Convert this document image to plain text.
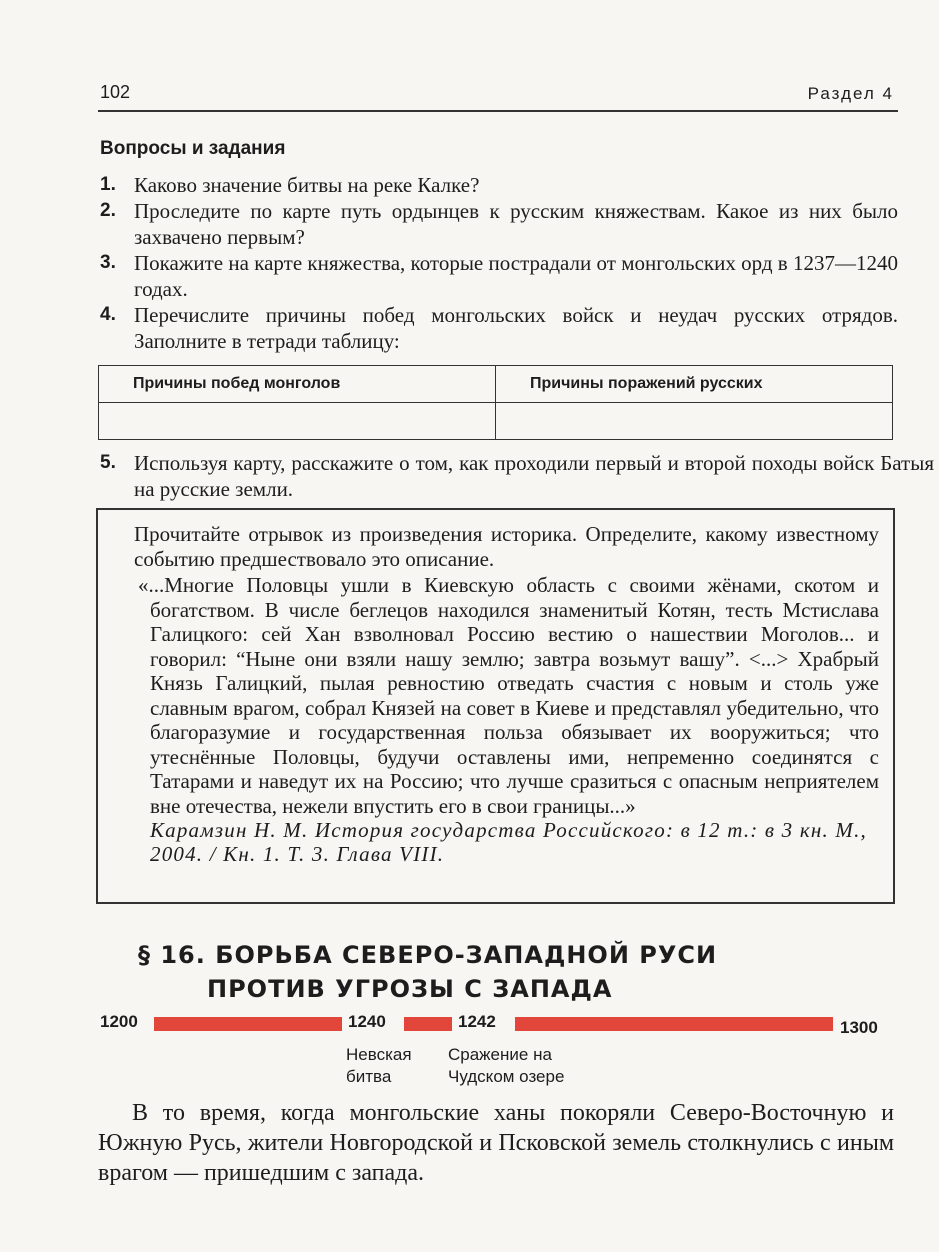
102	Раздел 4
Вопросы и задания
1. Каково значение битвы на реке Калке?
2. Проследите по карте путь ордынцев к русским княжествам. Какое из них было захвачено первым?
3. Покажите на карте княжества, которые пострадали от монгольских орд в 1237—1240 годах.
4. Перечислите причины побед монгольских войск и неудач русских отрядов. Заполните в тетради таблицу:
Причины побед монголов	Причины поражений русских

5. Используя карту, расскажите о том, как проходили первый и второй походы войск Батыя на русские земли.
Прочитайте отрывок из произведения историка. Определите, какому известному событию предшествовало это описание.
«...Многие Половцы ушли в Киевскую область с своими жёнами, скотом и богатством. В числе беглецов находился знаменитый Котян, тесть Мстислава Галицкого: сей Хан взволновал Россию вестию о нашествии Моголов... и говорил: “Ныне они взяли нашу землю; завтра возьмут вашу”. <...> Храбрый Князь Галицкий, пылая ревностию отведать счастия с новым и столь уже славным врагом, собрал Князей на совет в Киеве и представлял убедительно, что благоразумие и государственная польза обязывает их вооружиться; что утеснённые Половцы, будучи оставлены ими, непременно соединятся с Татарами и наведут их на Россию; что лучше сразиться с опасным неприятелем вне отечества, нежели впустить его в свои границы...»
Карамзин Н. М. История государства Российского: в 12 т.: в 3 кн. М., 2004. / Кн. 1. Т. 3. Глава VIII.
§ 16. БОРЬБА СЕВЕРО-ЗАПАДНОЙ РУСИ
ПРОТИВ УГРОЗЫ С ЗАПАДА
1200	1240	1242	1300
Невская
битва
Сражение на
Чудском озере
В то время, когда монгольские ханы покоряли Северо-Восточную и Южную Русь, жители Новгородской и Псковской земель столкнулись с иным врагом — пришедшим с запада.
